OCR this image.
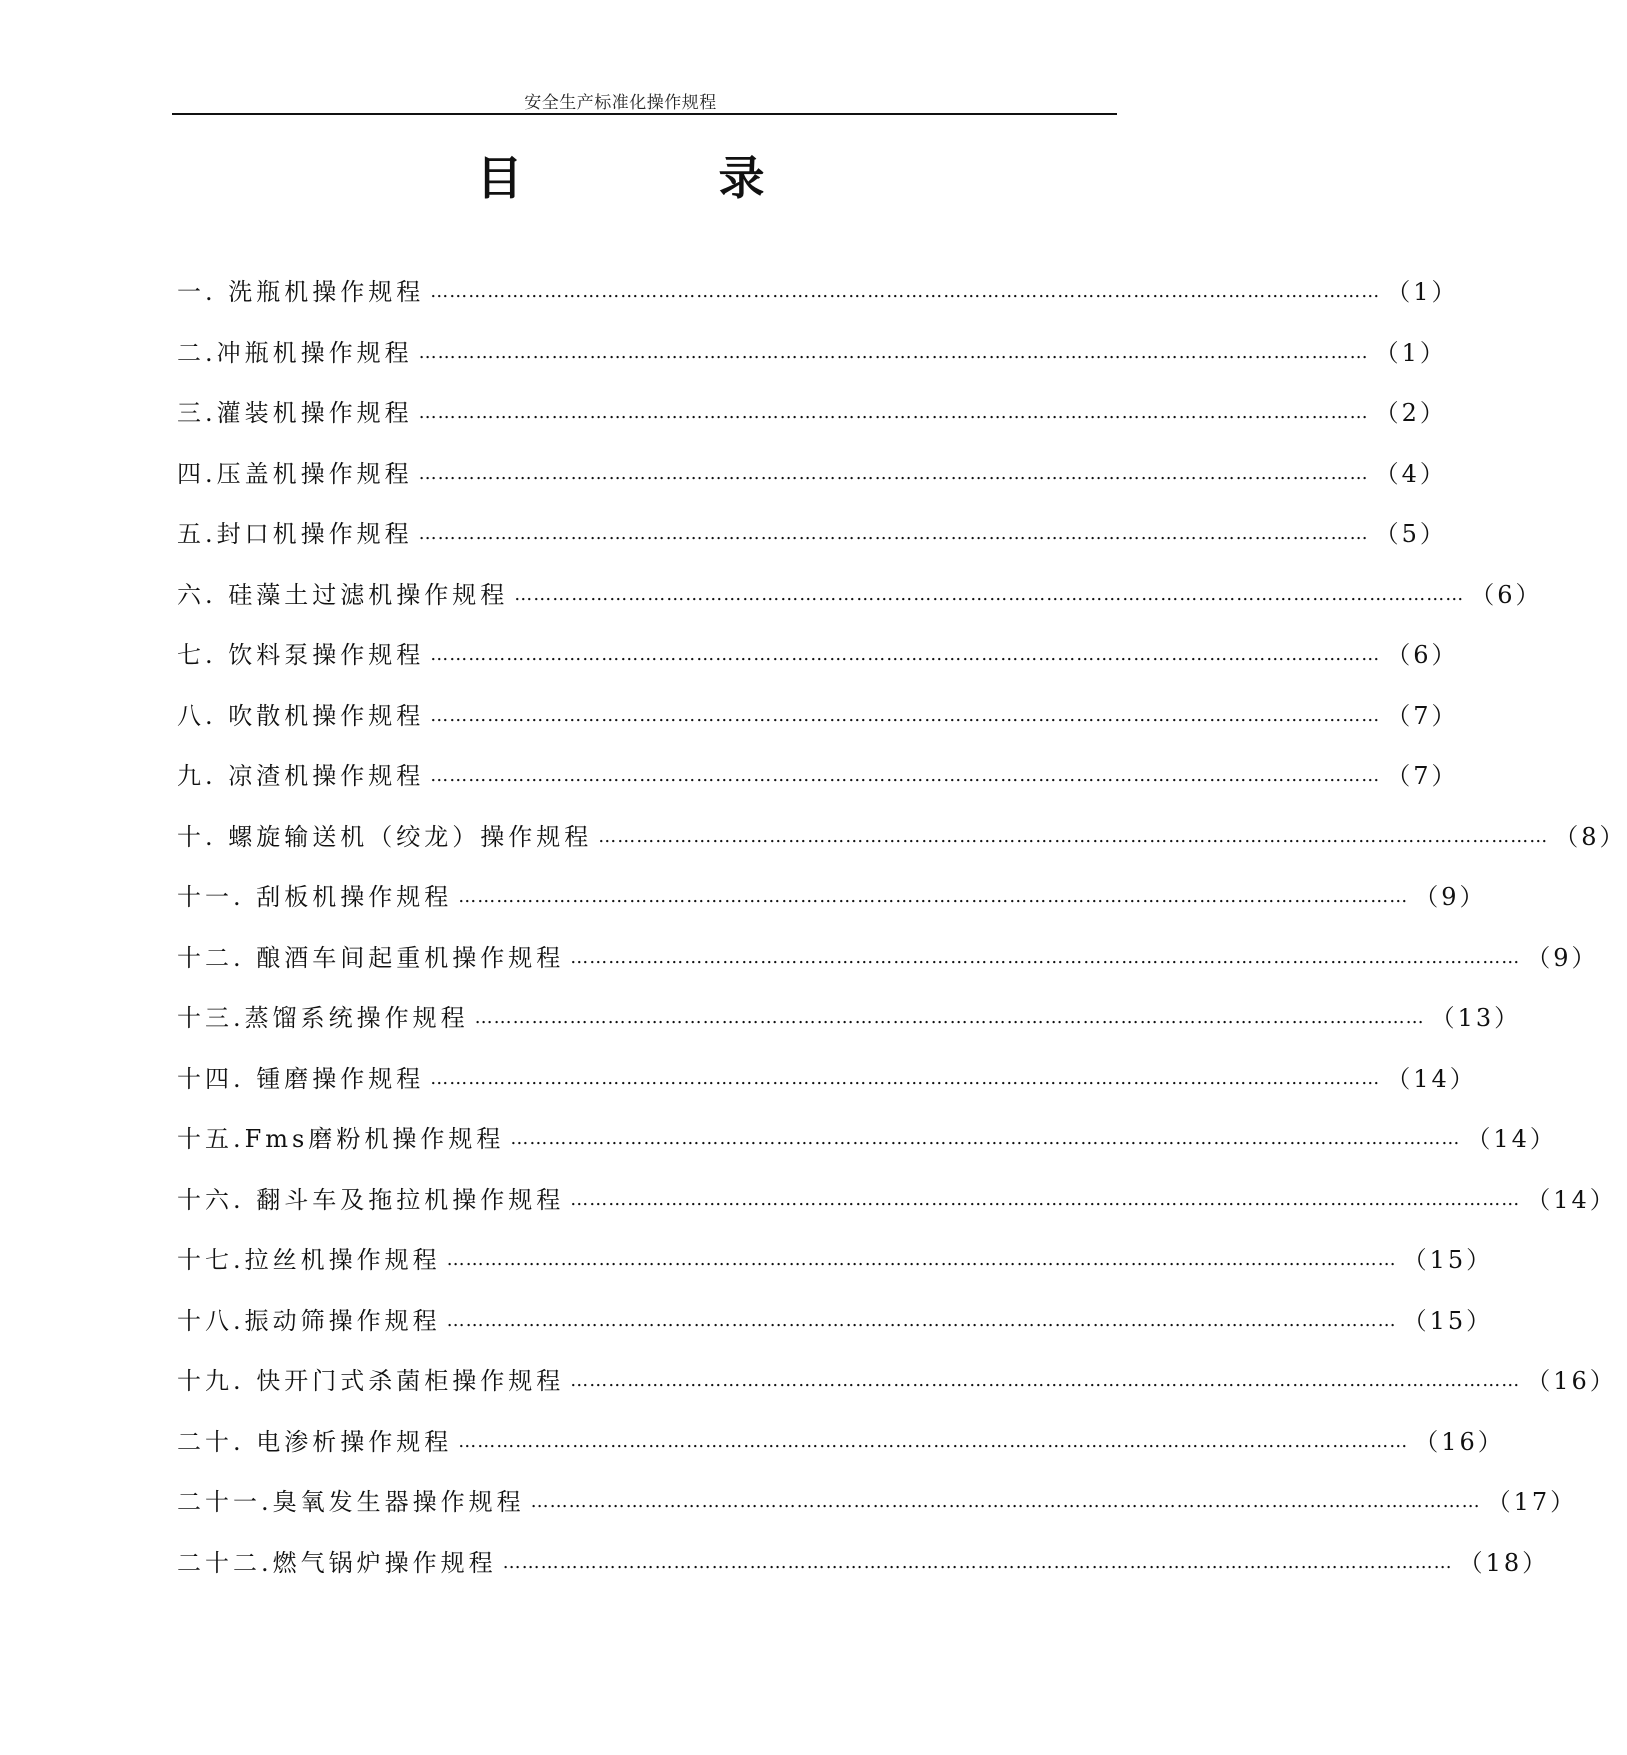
安全生产标准化操作规程
目 录
一. 洗瓶机操作规程 …………………………………………………………………………………………………………………………………… （1）
二.冲瓶机操作规程 …………………………………………………………………………………………………………………………………… （1）
三.灌装机操作规程 …………………………………………………………………………………………………………………………………… （2）
四.压盖机操作规程 …………………………………………………………………………………………………………………………………… （4）
五.封口机操作规程 …………………………………………………………………………………………………………………………………… （5）
六. 硅藻土过滤机操作规程 …………………………………………………………………………………………………………………………………… （6）
七. 饮料泵操作规程 …………………………………………………………………………………………………………………………………… （6）
八. 吹散机操作规程 …………………………………………………………………………………………………………………………………… （7）
九. 凉渣机操作规程 …………………………………………………………………………………………………………………………………… （7）
十. 螺旋输送机（绞龙）操作规程 …………………………………………………………………………………………………………………………………… （8）
十一. 刮板机操作规程 …………………………………………………………………………………………………………………………………… （9）
十二. 酿酒车间起重机操作规程 …………………………………………………………………………………………………………………………………… （9）
十三.蒸馏系统操作规程 …………………………………………………………………………………………………………………………………… （13）
十四. 锺磨操作规程 …………………………………………………………………………………………………………………………………… （14）
十五.Fms磨粉机操作规程 …………………………………………………………………………………………………………………………………… （14）
十六. 翻斗车及拖拉机操作规程 …………………………………………………………………………………………………………………………………… （14）
十七.拉丝机操作规程 …………………………………………………………………………………………………………………………………… （15）
十八.振动筛操作规程 …………………………………………………………………………………………………………………………………… （15）
十九. 快开门式杀菌柜操作规程 …………………………………………………………………………………………………………………………………… （16）
二十. 电渗析操作规程 …………………………………………………………………………………………………………………………………… （16）
二十一.臭氧发生器操作规程 …………………………………………………………………………………………………………………………………… （17）
二十二.燃气锅炉操作规程 …………………………………………………………………………………………………………………………………… （18）
